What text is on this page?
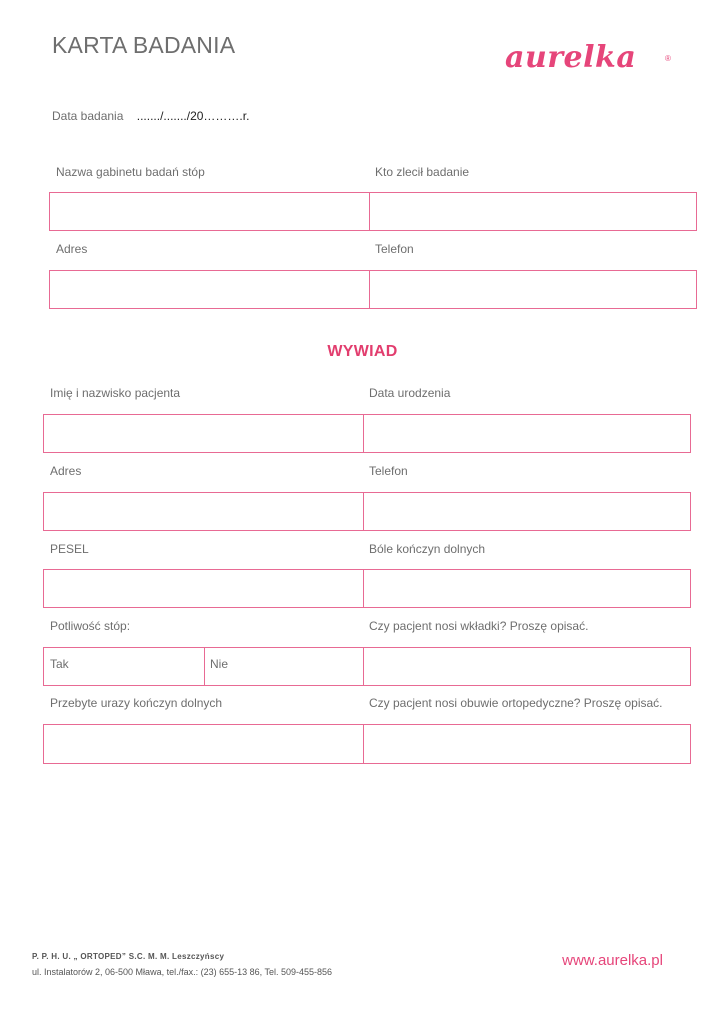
KARTA BADANIA	aurelka	®
Data badania ......./......./20……….r.
Nazwa gabinetu badań stóp	Kto zlecił badanie
Adres	Telefon
WYWIAD
Imię i nazwisko pacjenta	Data urodzenia
Adres	Telefon
PESEL	Bóle kończyn dolnych
Potliwość stóp:	Czy pacjent nosi wkładki? Proszę opisać.
Tak	Nie
Przebyte urazy kończyn dolnych	Czy pacjent nosi obuwie ortopedyczne? Proszę opisać.
P. P. H. U. „ ORTOPED” S.C. M. M. Leszczyńscy
ul. Instalatorów 2, 06-500 Mława, tel./fax.: (23) 655-13 86, Tel. 509-455-856
www.aurelka.pl
